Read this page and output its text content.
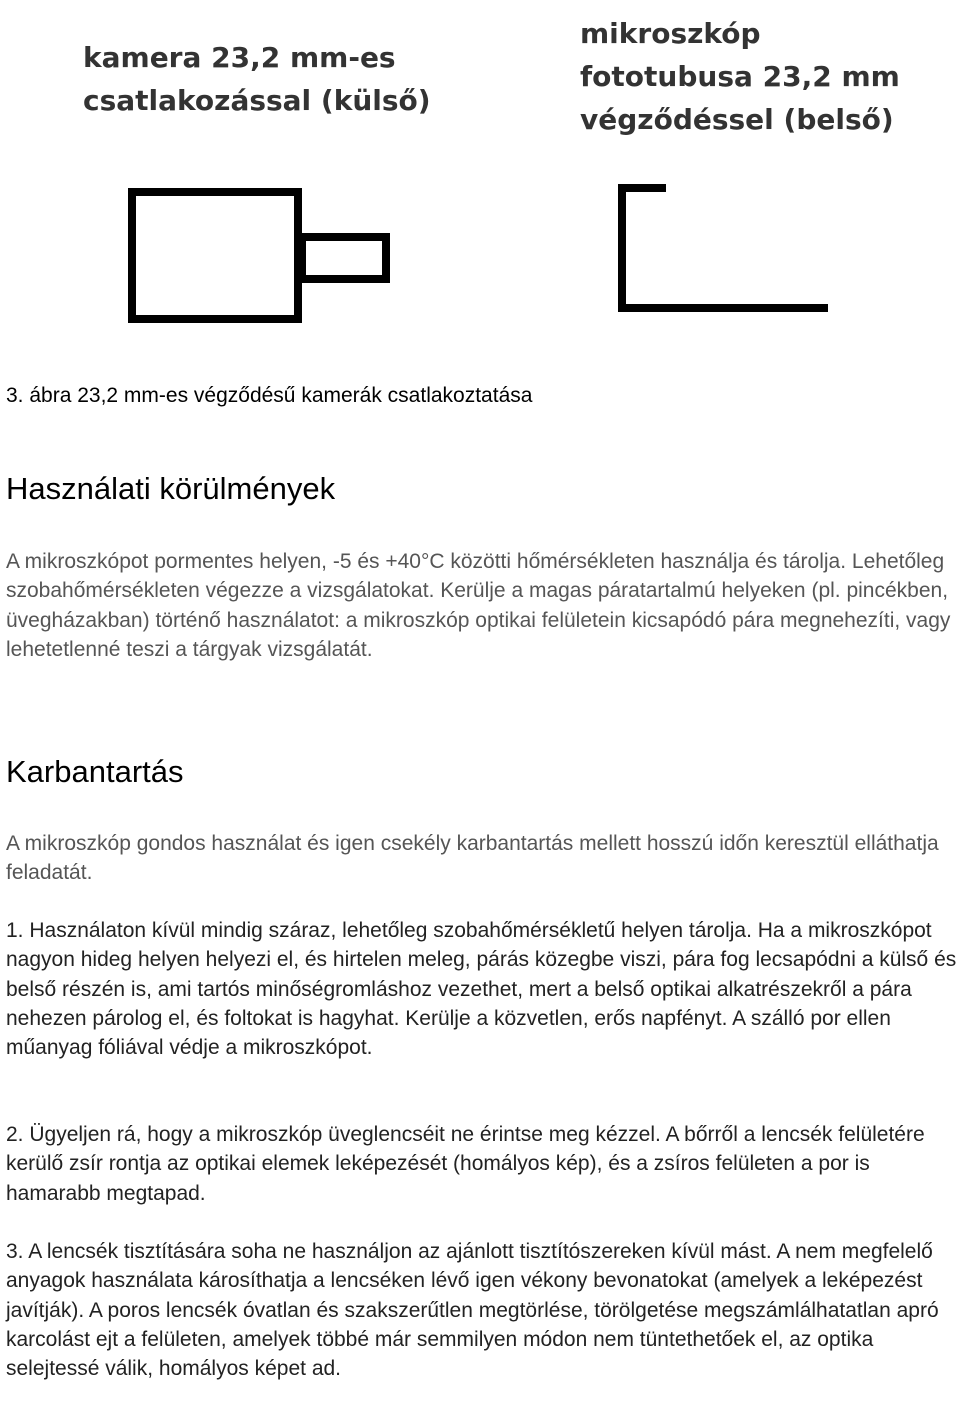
kamera 23,2 mm-es
csatlakozással (külső)
mikroszkóp
fototubusa 23,2 mm
végződéssel (belső)

3. ábra 23,2 mm-es végződésű kamerák csatlakoztatása

Használati körülmények

A mikroszkópot pormentes helyen, -5 és +40°C közötti hőmérsékleten használja és tárolja. Lehetőleg szobahőmérsékleten végezze a vizsgálatokat. Kerülje a magas páratartalmú helyeken (pl. pincékben, üvegházakban) történő használatot: a mikroszkóp optikai felületein kicsapódó pára megnehezíti, vagy lehetetlenné teszi a tárgyak vizsgálatát.

Karbantartás

A mikroszkóp gondos használat és igen csekély karbantartás mellett hosszú időn keresztül elláthatja feladatát.

1. Használaton kívül mindig száraz, lehetőleg szobahőmérsékletű helyen tárolja. Ha a mikroszkópot nagyon hideg helyen helyezi el, és hirtelen meleg, párás közegbe viszi, pára fog lecsapódni a külső és belső részén is, ami tartós minőségromláshoz vezethet, mert a belső optikai alkatrészekről a pára nehezen párolog el, és foltokat is hagyhat. Kerülje a közvetlen, erős napfényt. A szálló por ellen műanyag fóliával védje a mikroszkópot.

2. Ügyeljen rá, hogy a mikroszkóp üveglencséit ne érintse meg kézzel. A bőrről a lencsék felületére kerülő zsír rontja az optikai elemek leképezését (homályos kép), és a zsíros felületen a por is hamarabb megtapad.

3. A lencsék tisztítására soha ne használjon az ajánlott tisztítószereken kívül mást. A nem megfelelő anyagok használata károsíthatja a lencséken lévő igen vékony bevonatokat (amelyek a leképezést javítják). A poros lencsék óvatlan és szakszerűtlen megtörlése, törölgetése megszámlálhatatlan apró karcolást ejt a felületen, amelyek többé már semmilyen módon nem tüntethetőek el, az optika selejtessé válik, homályos képet ad.
